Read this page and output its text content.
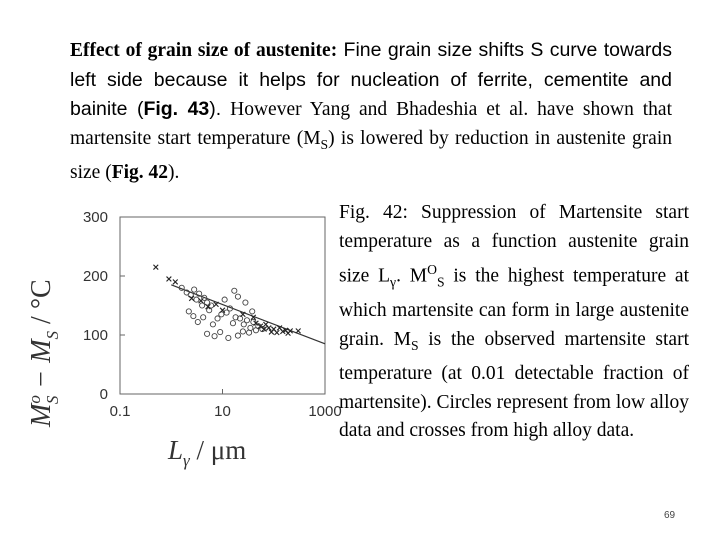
Effect of grain size of austenite: Fine grain size shifts S curve towards left side because it helps for nucleation of ferrite, cementite and bainite (Fig. 43). However Yang and Bhadeshia et al. have shown that martensite start temperature $(M_S)$ is lowered by reduction in austenite grain size (Fig. 42).
0
100
200
300
0.1	10	1000
$M^oS - M_S / ^\circ C$
$L_\gamma$ / μm
Fig. 42: Suppression of Martensite start temperature as a function austenite grain size $L_\gamma$. $M^O_S$ is the highest temperature at which martensite can form in large austenite grain. $M_S$ is the observed martensite start temperature (at 0.01 detectable fraction of martensite). Circles represent from low alloy data and crosses from high alloy data.
69
